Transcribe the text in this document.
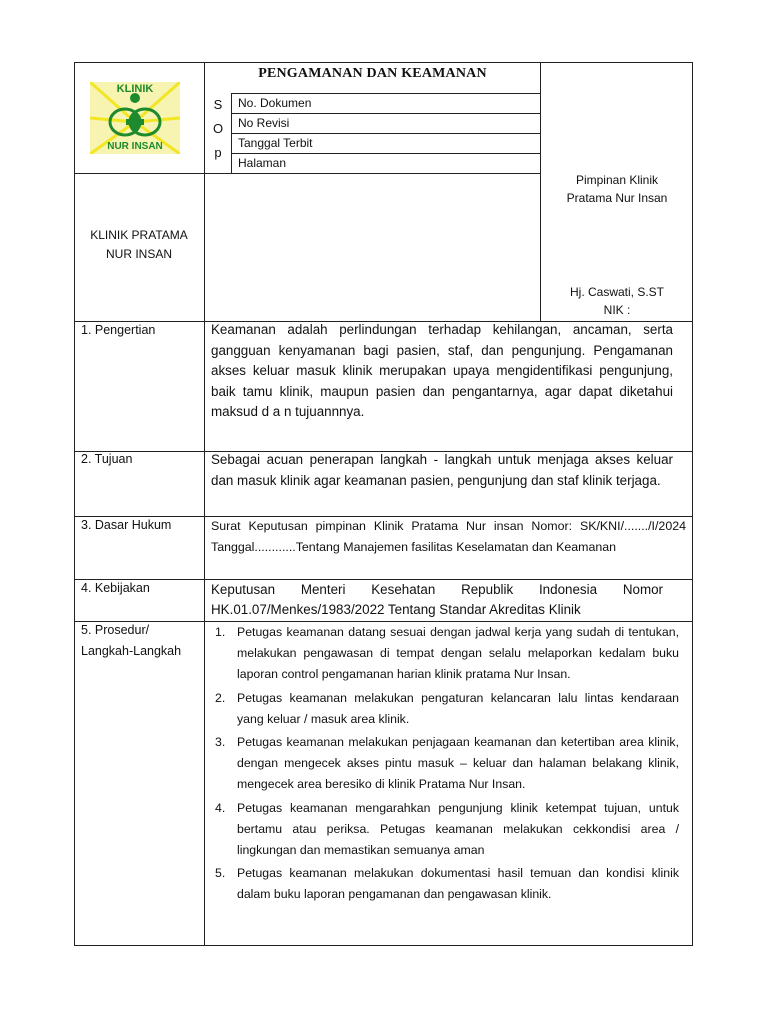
KLINIK
NUR INSAN
PENGAMANAN DAN KEAMANAN
S
O
p
No. Dokumen
No Revisi
Tanggal Terbit
Halaman
KLINIK PRATAMA NUR INSAN
Pimpinan Klinik
Pratama Nur Insan
Hj. Caswati, S.ST
NIK :
1. Pengertian
2. Tujuan
3. Dasar Hukum
4. Kebijakan
5. Prosedur/
Langkah-Langkah
Keamanan adalah perlindungan terhadap kehilangan, ancaman, serta gangguan kenyamanan bagi pasien, staf, dan pengunjung. Pengamanan akses keluar masuk klinik merupakan upaya mengidentifikasi pengunjung, baik tamu klinik, maupun pasien dan pengantarnya, agar dapat diketahui maksud d a n tujuannnya.
Sebagai acuan penerapan langkah - langkah untuk menjaga akses keluar dan masuk klinik agar keamanan pasien, pengunjung dan staf klinik terjaga.
Surat Keputusan pimpinan Klinik Pratama Nur insan Nomor: SK/KNI/......./I/2024 Tanggal............Tentang Manajemen fasilitas Keselamatan dan Keamanan
Keputusan Menteri Kesehatan Republik Indonesia Nomor HK.01.07/Menkes/1983/2022 Tentang Standar Akreditas Klinik
1. Petugas keamanan datang sesuai dengan jadwal kerja yang sudah di tentukan, melakukan pengawasan di tempat dengan selalu melaporkan kedalam buku laporan control pengamanan harian klinik pratama Nur Insan.
2. Petugas keamanan melakukan pengaturan kelancaran lalu lintas kendaraan yang keluar / masuk area klinik.
3. Petugas keamanan melakukan penjagaan keamanan dan ketertiban area klinik, dengan mengecek akses pintu masuk – keluar dan halaman belakang klinik, mengecek area beresiko di klinik Pratama Nur Insan.
4. Petugas keamanan mengarahkan pengunjung klinik ketempat tujuan, untuk bertamu atau periksa. Petugas keamanan melakukan cekkondisi area / lingkungan dan memastikan semuanya aman
5. Petugas keamanan melakukan dokumentasi hasil temuan dan kondisi klinik dalam buku laporan pengamanan dan pengawasan klinik.
